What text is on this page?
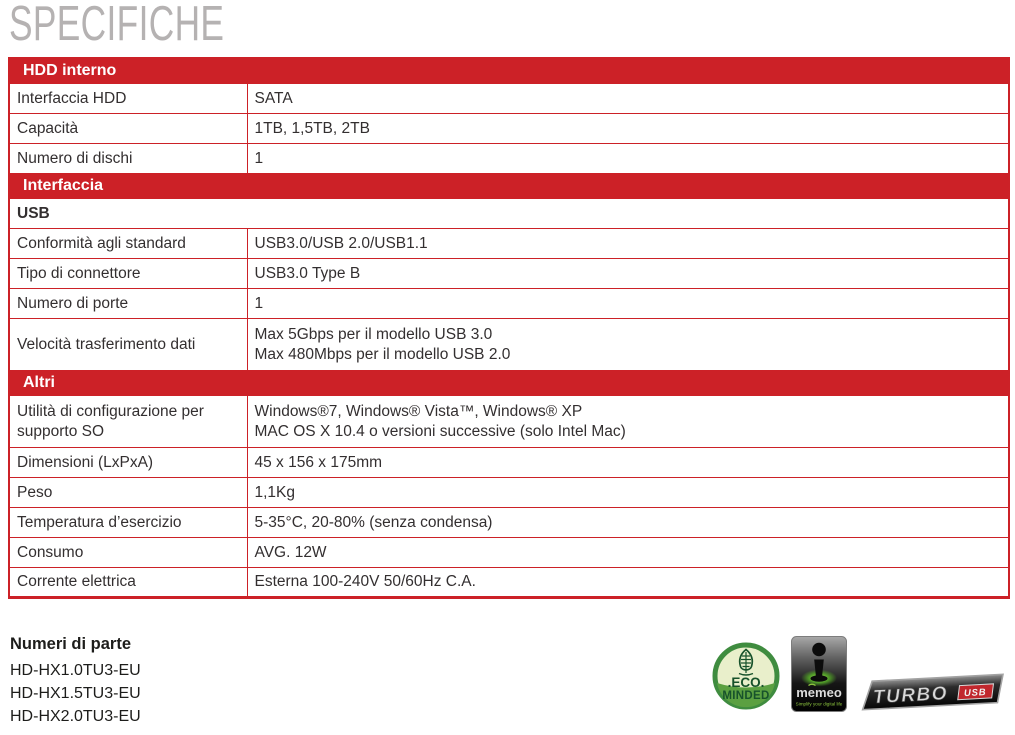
SPECIFICHE
HDD interno	
Interfaccia HDD	SATA
Capacità	1TB, 1,5TB, 2TB
Numero di dischi	1
Interfaccia	
USB	
Conformità agli standard	USB3.0/USB 2.0/USB1.1
Tipo di connettore	USB3.0 Type B
Numero di porte	1
Velocità trasferimento dati	Max 5Gbps per il modello USB 3.0
Max 480Mbps per il modello USB 2.0
Altri	
Utilità di configurazione per supporto SO	Windows®7, Windows® Vista™, Windows® XP
MAC OS X 10.4 o versioni successive (solo Intel Mac)
Dimensioni (LxPxA)	45 x 156 x 175mm
Peso	1,1Kg
Temperatura d’esercizio	5-35°C, 20-80% (senza condensa)
Consumo	AVG. 12W
Corrente elettrica	Esterna 100-240V 50/60Hz C.A.
Numeri di parte
HD-HX1.0TU3-EU
HD-HX1.5TU3-EU
HD-HX2.0TU3-EU
.ECO.
MINDED memeo
Simplify your digital life TURBO USB
